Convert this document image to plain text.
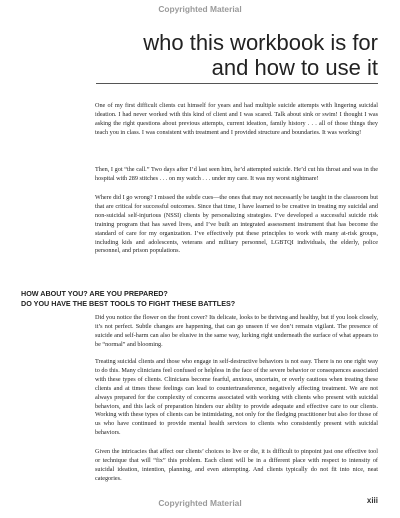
Copyrighted Material
who this workbook is for
and how to use it

One of my first difficult clients cut himself for years and had multiple suicide attempts with lingering suicidal ideation. I had never worked with this kind of client and I was scared. Talk about sink or swim! I thought I was asking the right questions about previous attempts, current ideation, family history . . . all of those things they teach you in class. I was consistent with treatment and I provided structure and boundaries. It was working!

Then, I got “the call.” Two days after I’d last seen him, he’d attempted suicide. He’d cut his throat and was in the hospital with 289 stitches . . . on my watch . . . under my care. It was my worst nightmare!

Where did I go wrong? I missed the subtle cues—the ones that may not necessarily be taught in the classroom but that are critical for successful outcomes. Since that time, I have learned to be creative in treating my suicidal and non-suicidal self-injurious (NSSI) clients by personalizing strategies. I’ve developed a successful suicide risk training program that has saved lives, and I’ve built an integrated assessment instrument that has become the standard of care for my organization. I’ve effectively put these principles to work with many at-risk groups, including kids and adolescents, veterans and military personnel, LGBTQI individuals, the elderly, police personnel, and prison populations.

HOW ABOUT YOU? ARE YOU PREPARED?
DO YOU HAVE THE BEST TOOLS TO FIGHT THESE BATTLES?

Did you notice the flower on the front cover? Its delicate, looks to be thriving and healthy, but if you look closely, it’s not perfect. Subtle changes are happening, that can go unseen if we don’t remain vigilant. The presence of suicide and self-harm can also be elusive in the same way, lurking right underneath the surface of what appears to be “normal” and blooming.

Treating suicidal clients and those who engage in self-destructive behaviors is not easy. There is no one right way to do this. Many clinicians feel confused or helpless in the face of the severe behavior or consequences associated with these types of clients. Clinicians become fearful, anxious, uncertain, or overly cautious when treating these clients and at times these feelings can lead to countertransference, negatively affecting treatment. We are not always prepared for the complexity of concerns associated with working with clients who present with suicidal behaviors, and this lack of preparation hinders our ability to provide adequate and effective care to our clients. Working with these types of clients can be intimidating, not only for the fledging practitioner but also for those of us who have continued to provide mental health services to clients who consistently present with suicidal behaviors.

Given the intricacies that affect our clients’ choices to live or die, it is difficult to pinpoint just one effective tool or technique that will “fix” this problem. Each client will be in a different place with respect to intensity of suicidal ideation, intention, planning, and even attempting. And clients typically do not fit into nice, neat categories.

Copyrighted Material	xiii
